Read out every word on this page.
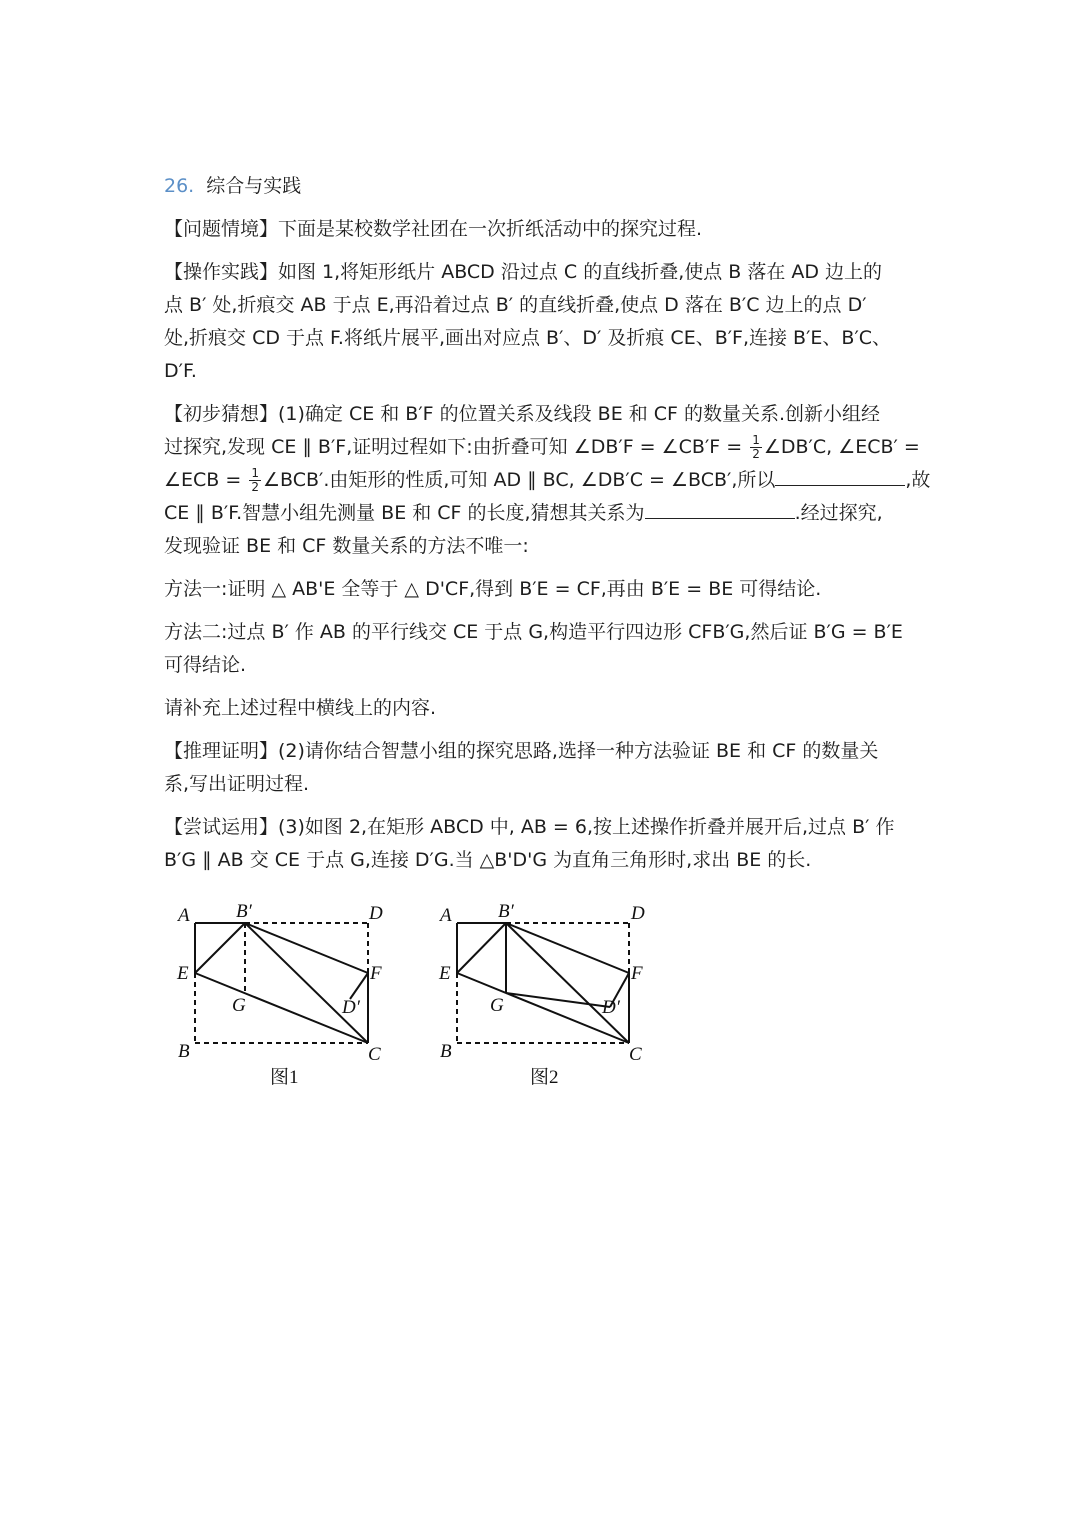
26. 综合与实践
【问题情境】下面是某校数学社团在一次折纸活动中的探究过程.
【操作实践】如图 1,将矩形纸片 ABCD 沿过点 C 的直线折叠,使点 B 落在 AD 边上的
点 B′ 处,折痕交 AB 于点 E,再沿着过点 B′ 的直线折叠,使点 D 落在 B′C 边上的点 D′
处,折痕交 CD 于点 F.将纸片展平,画出对应点 B′、D′ 及折痕 CE、B′F,连接 B′E、B′C、
D′F.
【初步猜想】(1)确定 CE 和 B′F 的位置关系及线段 BE 和 CF 的数量关系.创新小组经
过探究,发现 CE ∥ B′F,证明过程如下:由折叠可知 ∠DB′F = ∠CB′F = $\frac{1}{2}$ ∠DB′C, ∠ECB′ =
∠ECB = $\frac{1}{2}$ ∠BCB′.由矩形的性质,可知 AD ∥ BC, ∠DB′C = ∠BCB′,所以	,故
CE ∥ B′F.智慧小组先测量 BE 和 CF 的长度,猜想其关系为	.经过探究,
发现验证 BE 和 CF 数量关系的方法不唯一:
方法一:证明 △ AB'E 全等于 △ D'CF,得到 B′E = CF,再由 B′E = BE 可得结论.
方法二:过点 B′ 作 AB 的平行线交 CE 于点 G,构造平行四边形 CFB′G,然后证 B′G = B′E
可得结论.
请补充上述过程中横线上的内容.
【推理证明】(2)请你结合智慧小组的探究思路,选择一种方法验证 BE 和 CF 的数量关
系,写出证明过程.
【尝试运用】(3)如图 2,在矩形 ABCD 中, AB = 6,按上述操作折叠并展开后,过点 B′ 作
B′G ∥ AB 交 CE 于点 G,连接 D′G.当 △B'D'G 为直角三角形时,求出 BE 的长.
A B′	D
E	F
G	D′
B	C
图1
A B′	D
E	F
G	D′
B	C
图2
